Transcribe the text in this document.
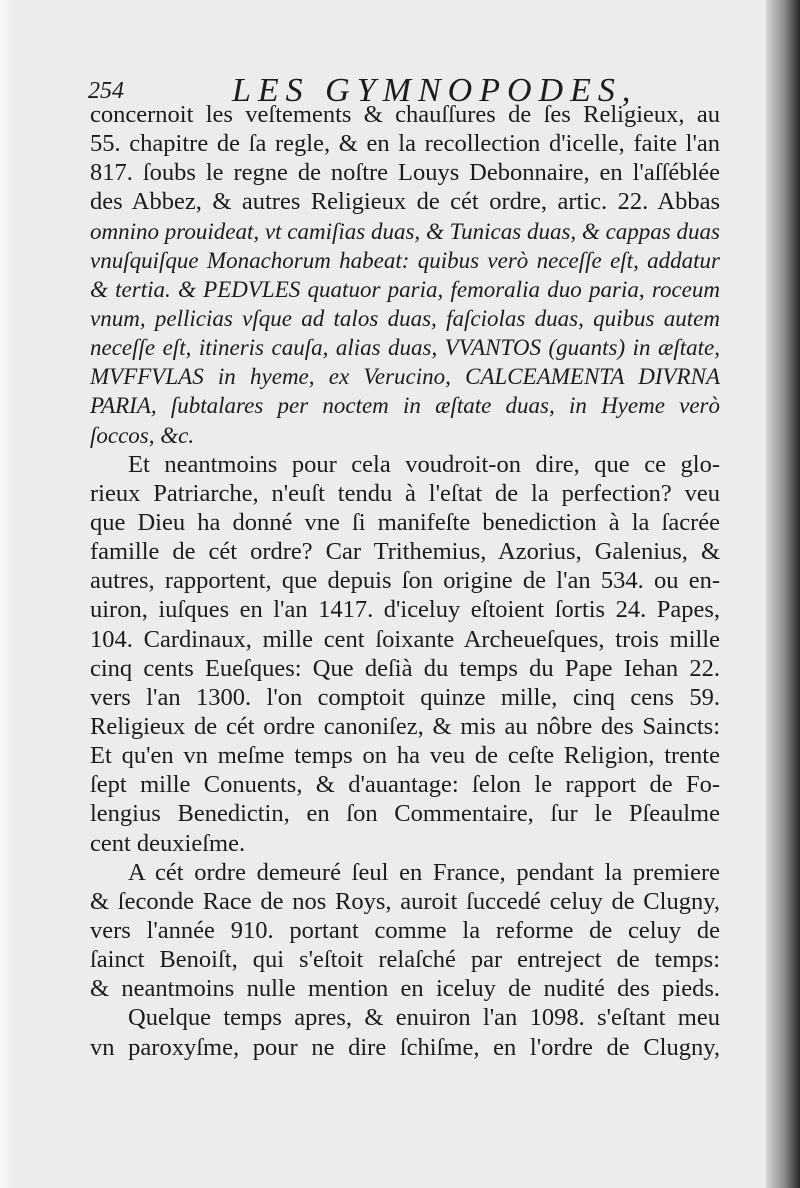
254	LES GYMNOPODES,
concernoit les veſtements & chauſſures de ſes Religieux, au
55. chapitre de ſa regle, & en la recollection d'icelle, faite l'an
817. ſoubs le regne de noſtre Louys Debonnaire, en l'aſſéblée
des Abbez, & autres Religieux de cét ordre, artic. 22. Abbas
omnino prouideat, vt camiſias duas, & Tunicas duas, & cappas duas
vnuſquiſque Monachorum habeat: quibus verò neceſſe eſt, addatur
& tertia. & PEDVLES quatuor paria, femoralia duo paria, roceum
vnum, pellicias vſque ad talos duas, faſciolas duas, quibus autem
neceſſe eſt, itineris cauſa, alias duas, VVANTOS (guants) in æſtate,
MVFFVLAS in hyeme, ex Verucino, CALCEAMENTA DIVRNA
PARIA, ſubtalares per noctem in æſtate duas, in Hyeme verò
ſoccos, &c.
Et neantmoins pour cela voudroit-on dire, que ce glo-
rieux Patriarche, n'euſt tendu à l'eſtat de la perfection? veu
que Dieu ha donné vne ſi manifeſte benediction à la ſacrée
famille de cét ordre? Car Trithemius, Azorius, Galenius, &
autres, rapportent, que depuis ſon origine de l'an 534. ou en-
uiron, iuſques en l'an 1417. d'iceluy eſtoient ſortis 24. Papes,
104. Cardinaux, mille cent ſoixante Archeueſques, trois mille
cinq cents Eueſques: Que deſià du temps du Pape Iehan 22.
vers l'an 1300. l'on comptoit quinze mille, cinq cens 59.
Religieux de cét ordre canoniſez, & mis au nôbre des Saincts:
Et qu'en vn meſme temps on ha veu de ceſte Religion, trente
ſept mille Conuents, & d'auantage: ſelon le rapport de Fo-
lengius Benedictin, en ſon Commentaire, ſur le Pſeaulme
cent deuxieſme.
A cét ordre demeuré ſeul en France, pendant la premiere
& ſeconde Race de nos Roys, auroit ſuccedé celuy de Clugny,
vers l'année 910. portant comme la reforme de celuy de
ſainct Benoiſt, qui s'eſtoit relaſché par entreject de temps:
& neantmoins nulle mention en iceluy de nudité des pieds.
Quelque temps apres, & enuiron l'an 1098. s'eſtant meu
vn paroxyſme, pour ne dire ſchiſme, en l'ordre de Clugny,
